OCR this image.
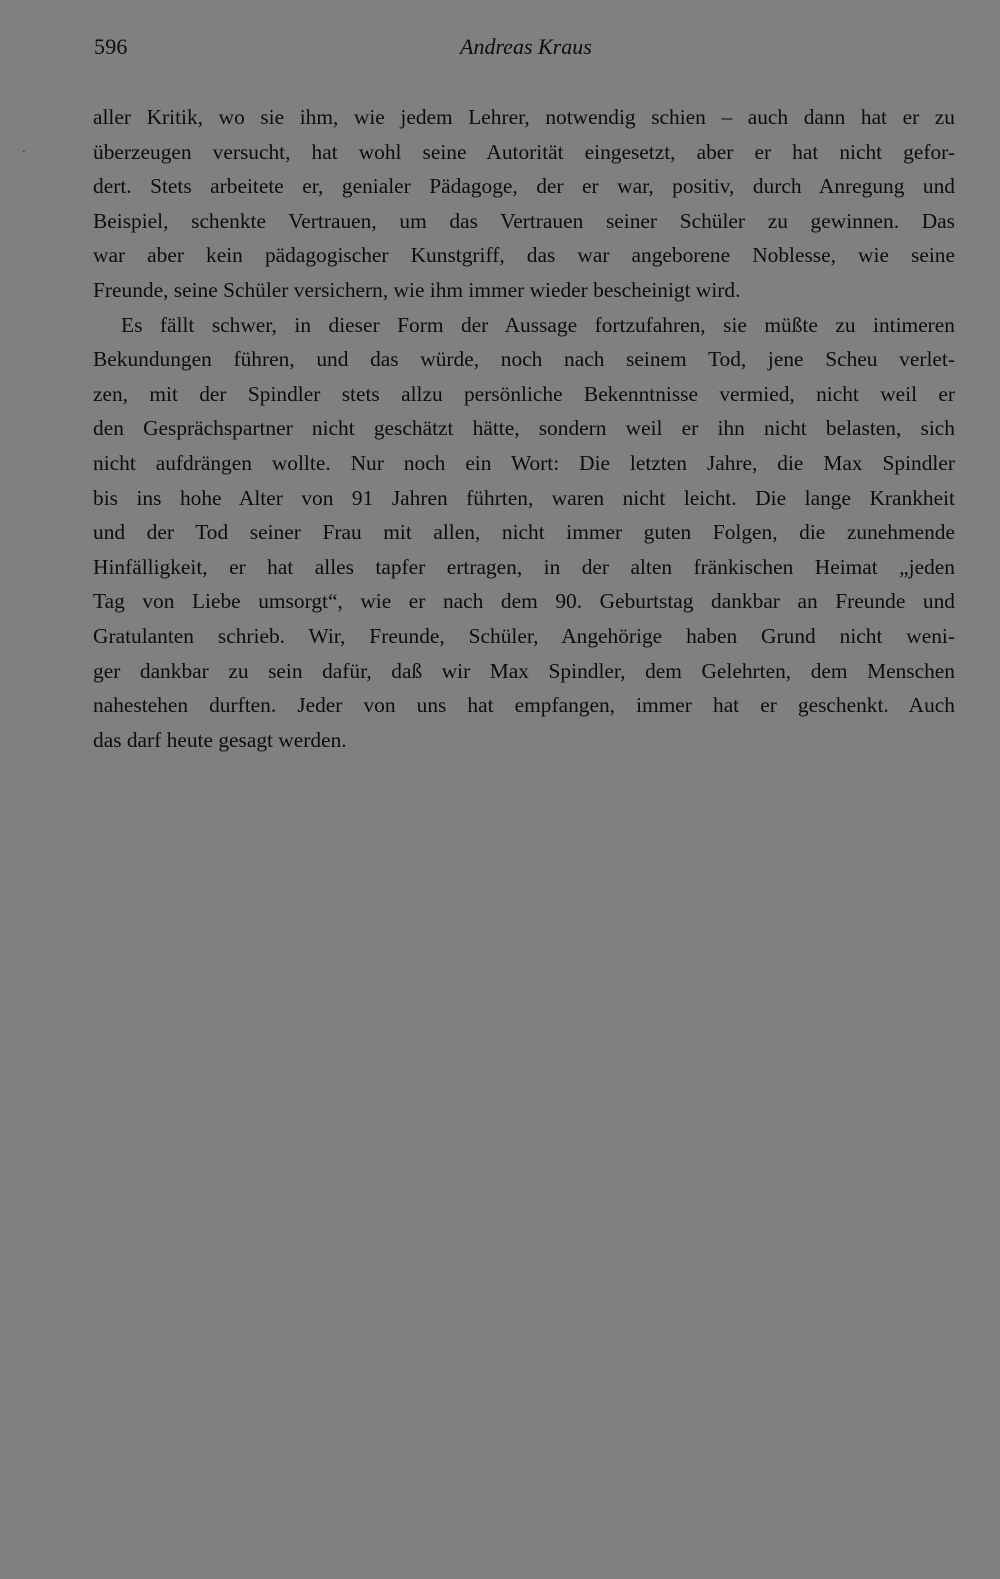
596	Andreas Kraus
`
aller Kritik, wo sie ihm, wie jedem Lehrer, notwendig schien – auch dann hat er zu
überzeugen versucht, hat wohl seine Autorität eingesetzt, aber er hat nicht gefor-
dert. Stets arbeitete er, genialer Pädagoge, der er war, positiv, durch Anregung und
Beispiel, schenkte Vertrauen, um das Vertrauen seiner Schüler zu gewinnen. Das
war aber kein pädagogischer Kunstgriff, das war angeborene Noblesse, wie seine
Freunde, seine Schüler versichern, wie ihm immer wieder bescheinigt wird.
Es fällt schwer, in dieser Form der Aussage fortzufahren, sie müßte zu intimeren
Bekundungen führen, und das würde, noch nach seinem Tod, jene Scheu verlet-
zen, mit der Spindler stets allzu persönliche Bekenntnisse vermied, nicht weil er
den Gesprächspartner nicht geschätzt hätte, sondern weil er ihn nicht belasten, sich
nicht aufdrängen wollte. Nur noch ein Wort: Die letzten Jahre, die Max Spindler
bis ins hohe Alter von 91 Jahren führten, waren nicht leicht. Die lange Krankheit
und der Tod seiner Frau mit allen, nicht immer guten Folgen, die zunehmende
Hinfälligkeit, er hat alles tapfer ertragen, in der alten fränkischen Heimat „jeden
Tag von Liebe umsorgt“, wie er nach dem 90. Geburtstag dankbar an Freunde und
Gratulanten schrieb. Wir, Freunde, Schüler, Angehörige haben Grund nicht weni-
ger dankbar zu sein dafür, daß wir Max Spindler, dem Gelehrten, dem Menschen
nahestehen durften. Jeder von uns hat empfangen, immer hat er geschenkt. Auch
das darf heute gesagt werden.
